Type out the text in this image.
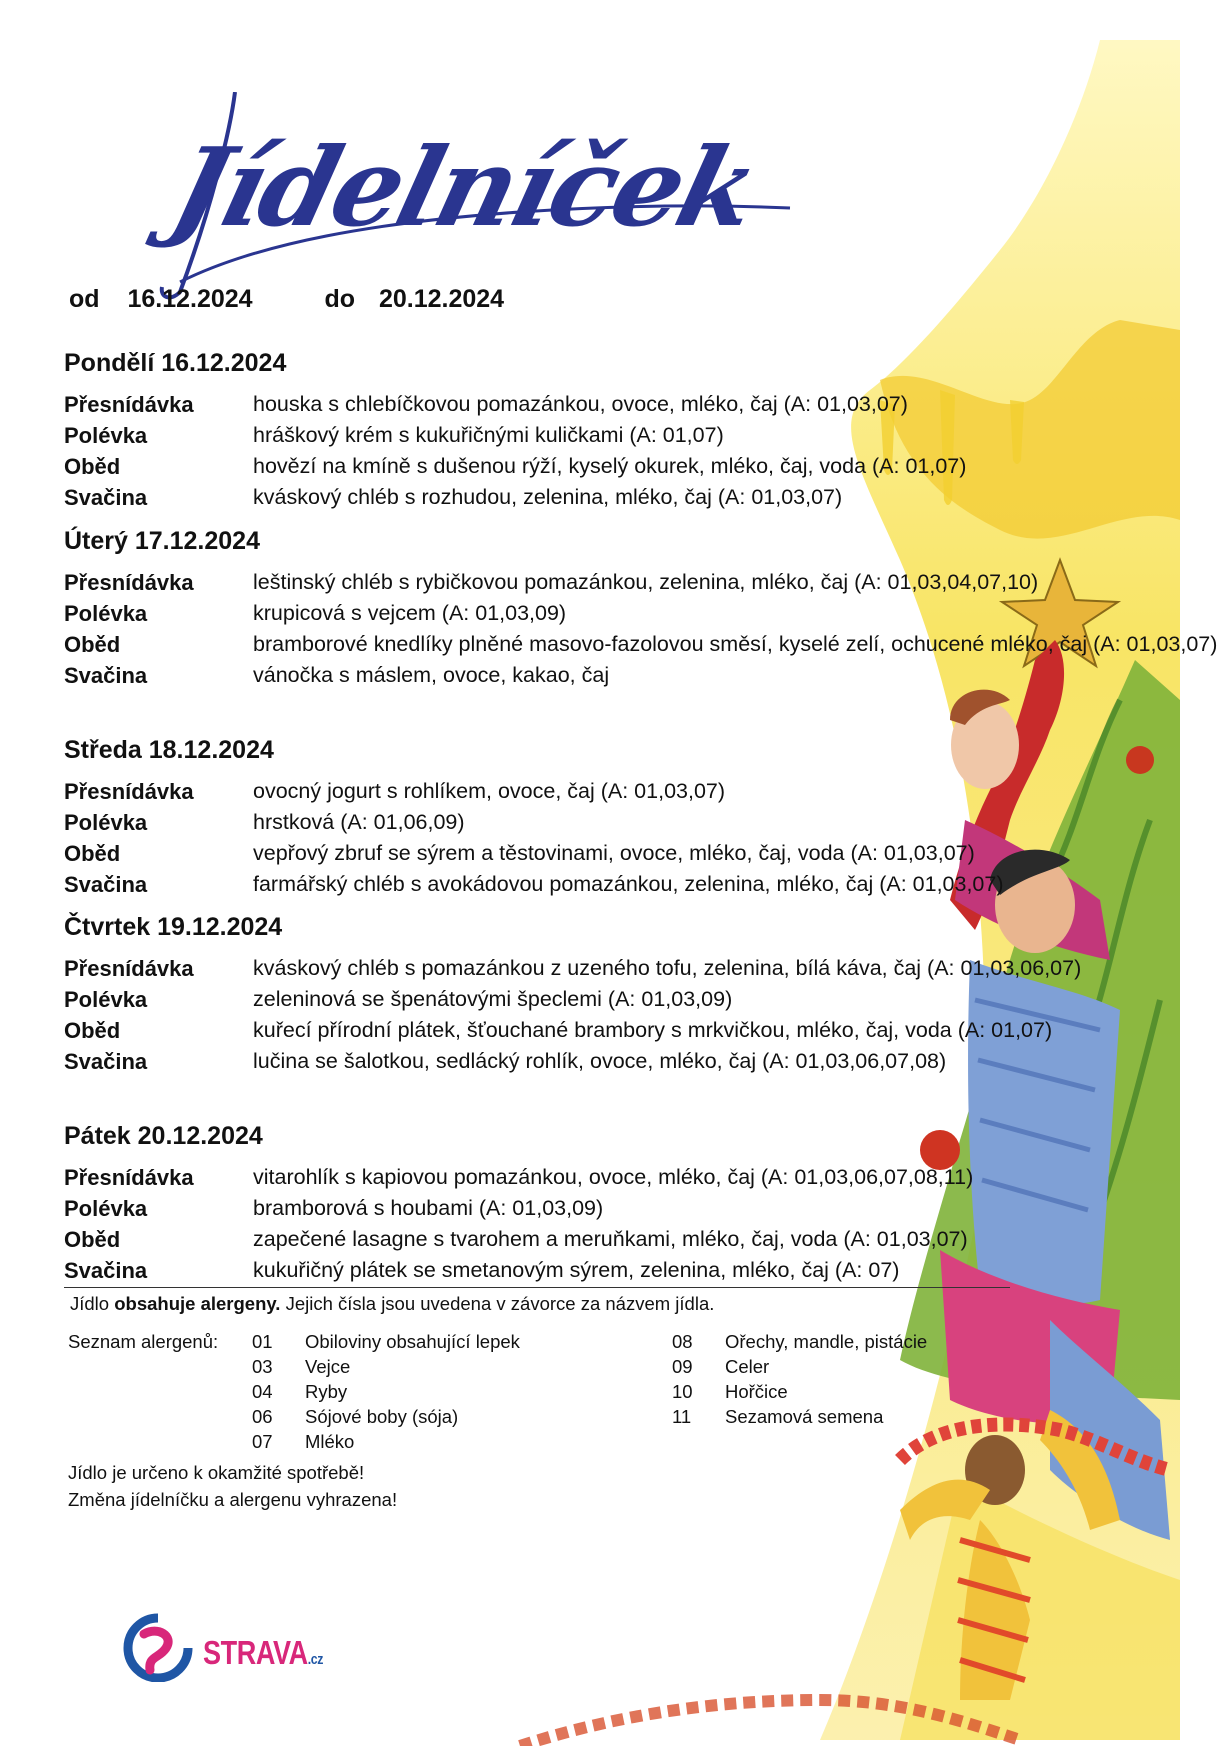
Jídelníček
od 16.12.2024	do 20.12.2024
Pondělí 16.12.2024
Přesnídávka	houska s chlebíčkovou pomazánkou, ovoce, mléko, čaj (A: 01,03,07)
Polévka	hráškový krém s kukuřičnými kuličkami (A: 01,07)
Oběd	hovězí na kmíně s dušenou rýží, kyselý okurek, mléko, čaj, voda (A: 01,07)
Svačina	kváskový chléb s rozhudou, zelenina, mléko, čaj (A: 01,03,07)
Úterý 17.12.2024
Přesnídávka	leštinský chléb s rybičkovou pomazánkou, zelenina, mléko, čaj (A: 01,03,04,07,10)
Polévka	krupicová s vejcem (A: 01,03,09)
Oběd	bramborové knedlíky plněné masovo-fazolovou směsí, kyselé zelí, ochucené mléko, čaj (A: 01,03,07)
Svačina	vánočka s máslem, ovoce, kakao, čaj
Středa 18.12.2024
Přesnídávka	ovocný jogurt s rohlíkem, ovoce, čaj (A: 01,03,07)
Polévka	hrstková (A: 01,06,09)
Oběd	vepřový zbruf se sýrem a těstovinami, ovoce, mléko, čaj, voda (A: 01,03,07)
Svačina	farmářský chléb s avokádovou pomazánkou, zelenina, mléko, čaj (A: 01,03,07)
Čtvrtek 19.12.2024
Přesnídávka	kváskový chléb s pomazánkou z uzeného tofu, zelenina, bílá káva, čaj (A: 01,03,06,07)
Polévka	zeleninová se špenátovými špeclemi (A: 01,03,09)
Oběd	kuřecí přírodní plátek, šťouchané brambory s mrkvičkou, mléko, čaj, voda (A: 01,07)
Svačina	lučina se šalotkou, sedlácký rohlík, ovoce, mléko, čaj (A: 01,03,06,07,08)
Pátek 20.12.2024
Přesnídávka	vitarohlík s kapiovou pomazánkou, ovoce, mléko, čaj (A: 01,03,06,07,08,11)
Polévka	bramborová s houbami (A: 01,03,09)
Oběd	zapečené lasagne s tvarohem a meruňkami, mléko, čaj, voda (A: 01,03,07)
Svačina	kukuřičný plátek se smetanovým sýrem, zelenina, mléko, čaj (A: 07)
Jídlo obsahuje alergeny. Jejich čísla jsou uvedena v závorce za názvem jídla.
Seznam alergenů: 01 Obiloviny obsahující lepek
03 Vejce
04 Ryby
06 Sójové boby (sója)
07 Mléko
08 Ořechy, mandle, pistácie
09 Celer
10 Hořčice
11 Sezamová semena
Jídlo je určeno k okamžité spotřebě!
Změna jídelníčku a alergenu vyhrazena!
STRAVA.cz
